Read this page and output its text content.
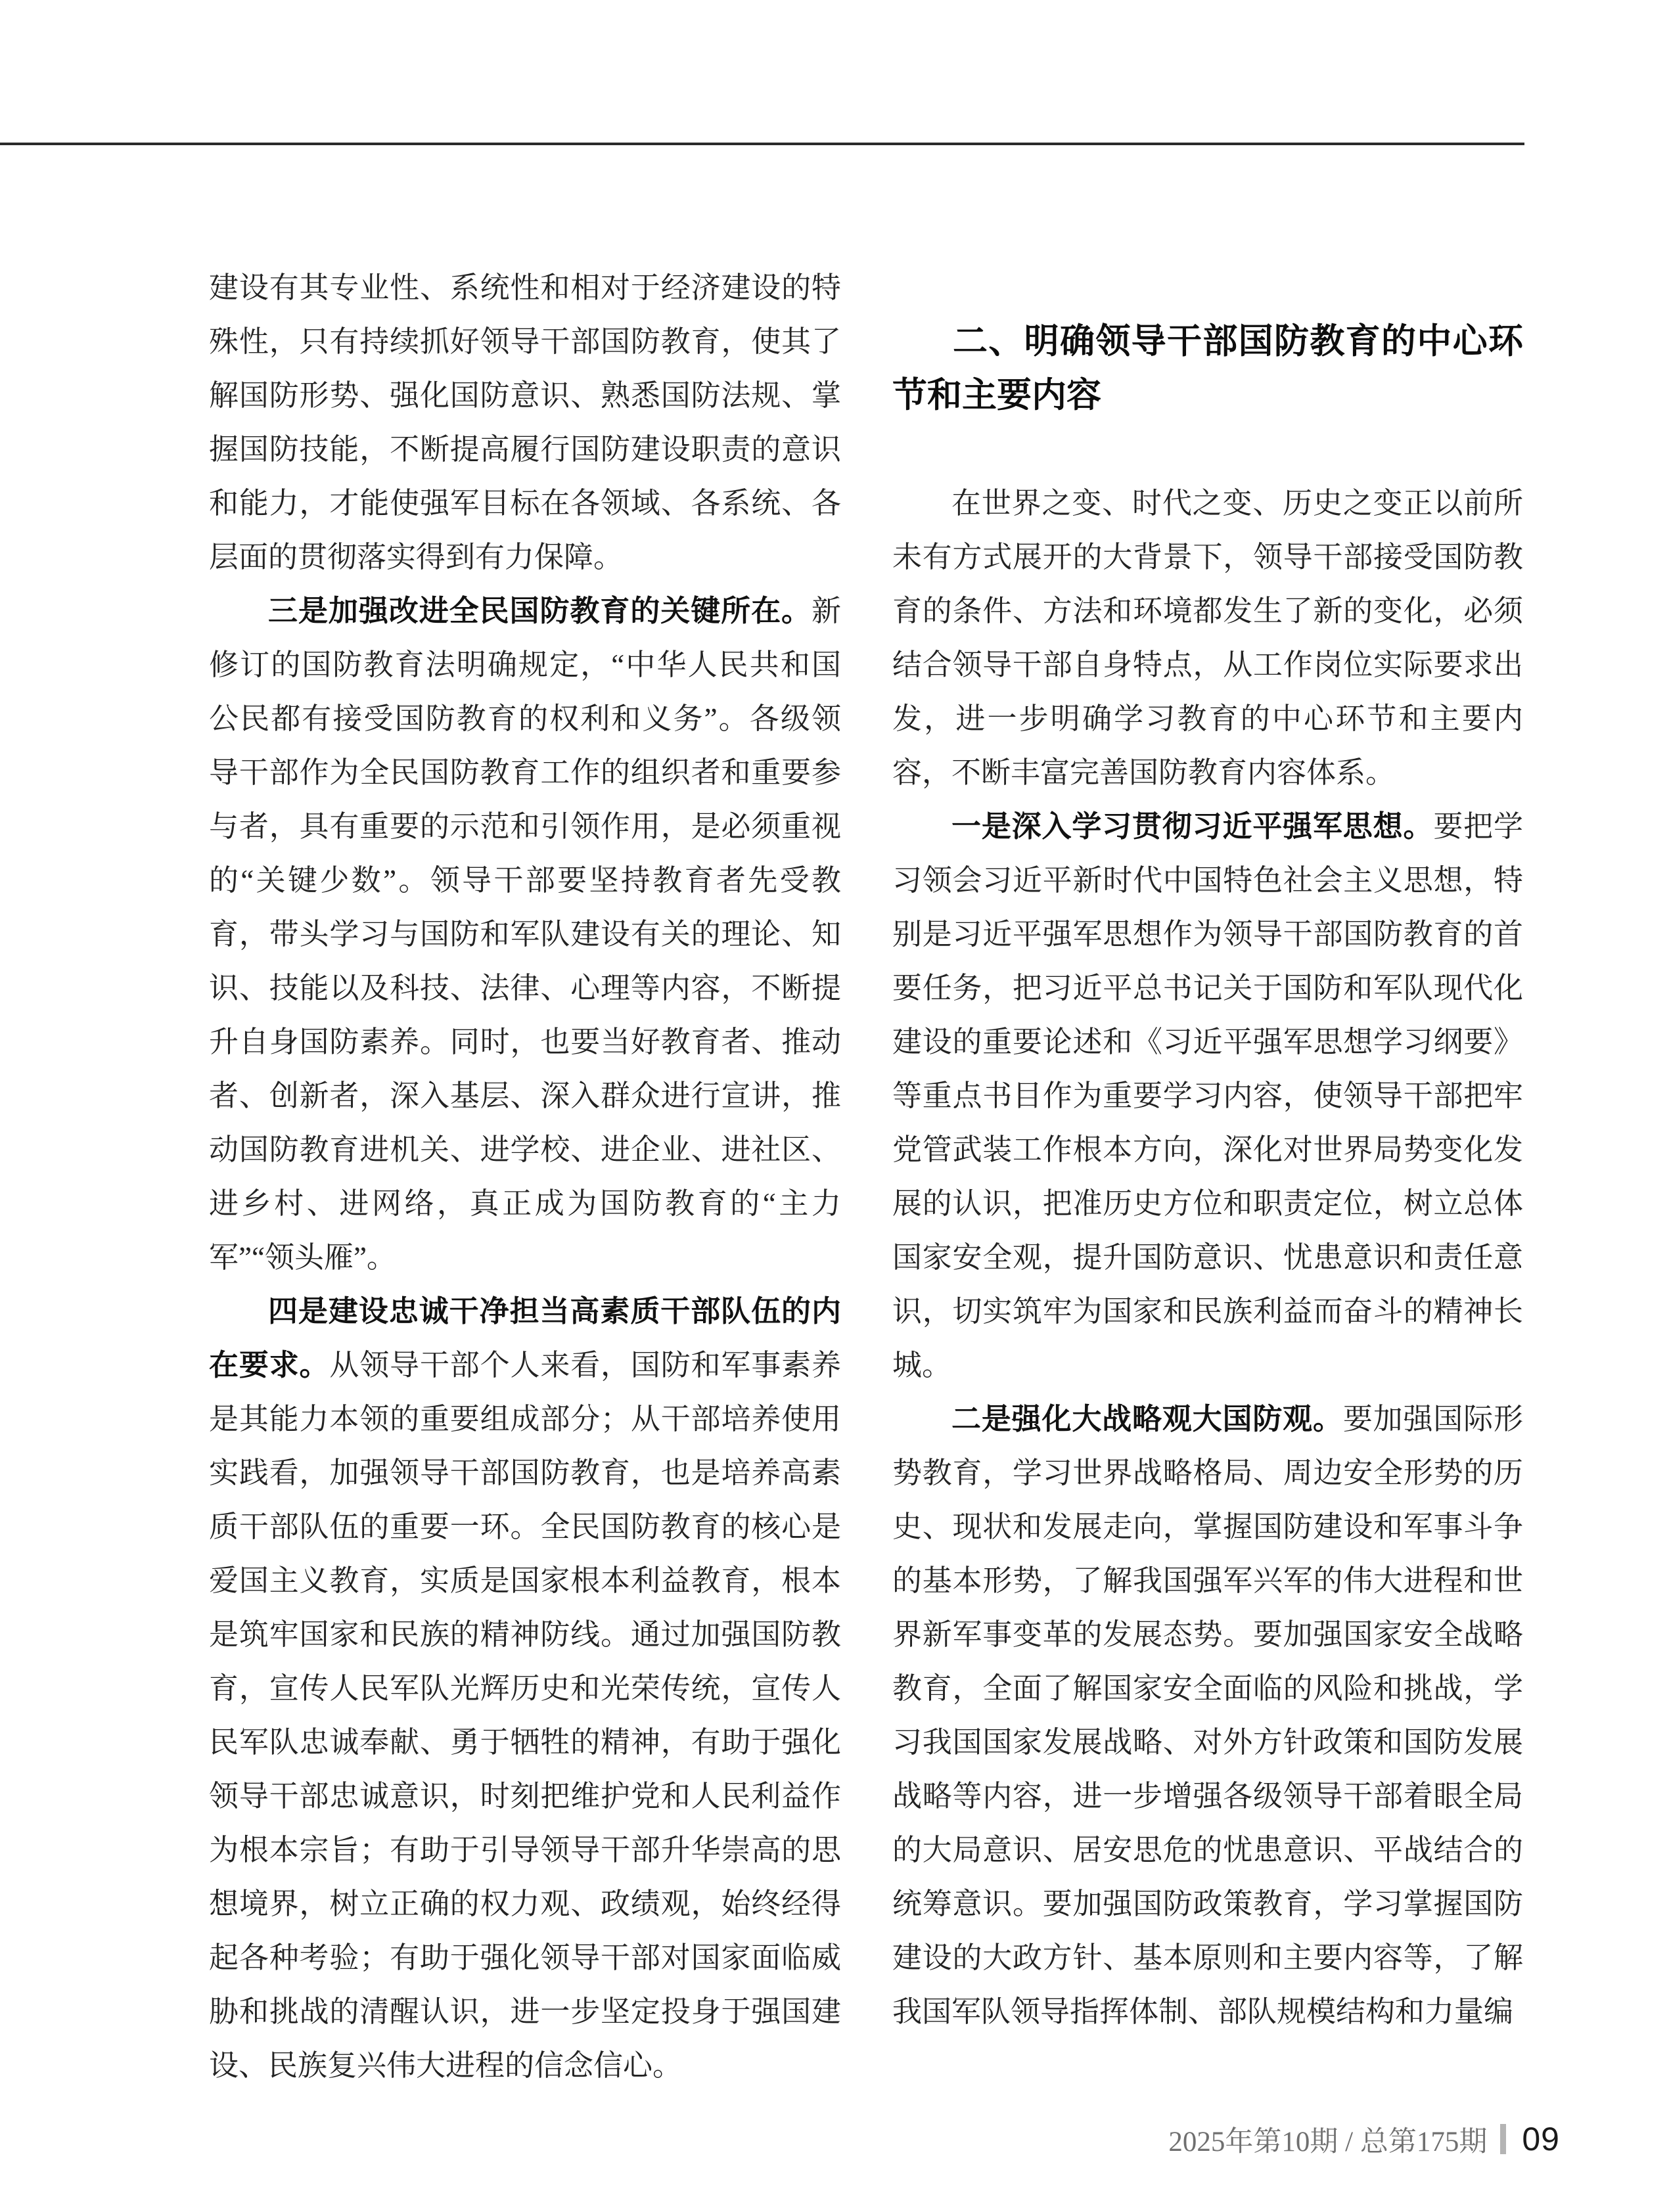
建设有其专业性、系统性和相对于经济建设的特殊性，只有持续抓好领导干部国防教育，使其了解国防形势、强化国防意识、熟悉国防法规、掌握国防技能，不断提高履行国防建设职责的意识和能力，才能使强军目标在各领域、各系统、各层面的贯彻落实得到有力保障。

三是加强改进全民国防教育的关键所在。新修订的国防教育法明确规定，“中华人民共和国公民都有接受国防教育的权利和义务”。各级领导干部作为全民国防教育工作的组织者和重要参与者，具有重要的示范和引领作用，是必须重视的“关键少数”。领导干部要坚持教育者先受教育，带头学习与国防和军队建设有关的理论、知识、技能以及科技、法律、心理等内容，不断提升自身国防素养。同时，也要当好教育者、推动者、创新者，深入基层、深入群众进行宣讲，推动国防教育进机关、进学校、进企业、进社区、进乡村、进网络，真正成为国防教育的“主力军”“领头雁”。

四是建设忠诚干净担当高素质干部队伍的内在要求。从领导干部个人来看，国防和军事素养是其能力本领的重要组成部分；从干部培养使用实践看，加强领导干部国防教育，也是培养高素质干部队伍的重要一环。全民国防教育的核心是爱国主义教育，实质是国家根本利益教育，根本是筑牢国家和民族的精神防线。通过加强国防教育，宣传人民军队光辉历史和光荣传统，宣传人民军队忠诚奉献、勇于牺牲的精神，有助于强化领导干部忠诚意识，时刻把维护党和人民利益作为根本宗旨；有助于引导领导干部升华崇高的思想境界，树立正确的权力观、政绩观，始终经得起各种考验；有助于强化领导干部对国家面临威胁和挑战的清醒认识，进一步坚定投身于强国建设、民族复兴伟大进程的信念信心。

二、明确领导干部国防教育的中心环节和主要内容

在世界之变、时代之变、历史之变正以前所未有方式展开的大背景下，领导干部接受国防教育的条件、方法和环境都发生了新的变化，必须结合领导干部自身特点，从工作岗位实际要求出发，进一步明确学习教育的中心环节和主要内容，不断丰富完善国防教育内容体系。

一是深入学习贯彻习近平强军思想。要把学习领会习近平新时代中国特色社会主义思想，特别是习近平强军思想作为领导干部国防教育的首要任务，把习近平总书记关于国防和军队现代化建设的重要论述和《习近平强军思想学习纲要》等重点书目作为重要学习内容，使领导干部把牢党管武装工作根本方向，深化对世界局势变化发展的认识，把准历史方位和职责定位，树立总体国家安全观，提升国防意识、忧患意识和责任意识，切实筑牢为国家和民族利益而奋斗的精神长城。

二是强化大战略观大国防观。要加强国际形势教育，学习世界战略格局、周边安全形势的历史、现状和发展走向，掌握国防建设和军事斗争的基本形势，了解我国强军兴军的伟大进程和世界新军事变革的发展态势。要加强国家安全战略教育，全面了解国家安全面临的风险和挑战，学习我国国家发展战略、对外方针政策和国防发展战略等内容，进一步增强各级领导干部着眼全局的大局意识、居安思危的忧患意识、平战结合的统筹意识。要加强国防政策教育，学习掌握国防建设的大政方针、基本原则和主要内容等，了解我国军队领导指挥体制、部队规模结构和力量编

2025年第10期 / 总第175期 09
